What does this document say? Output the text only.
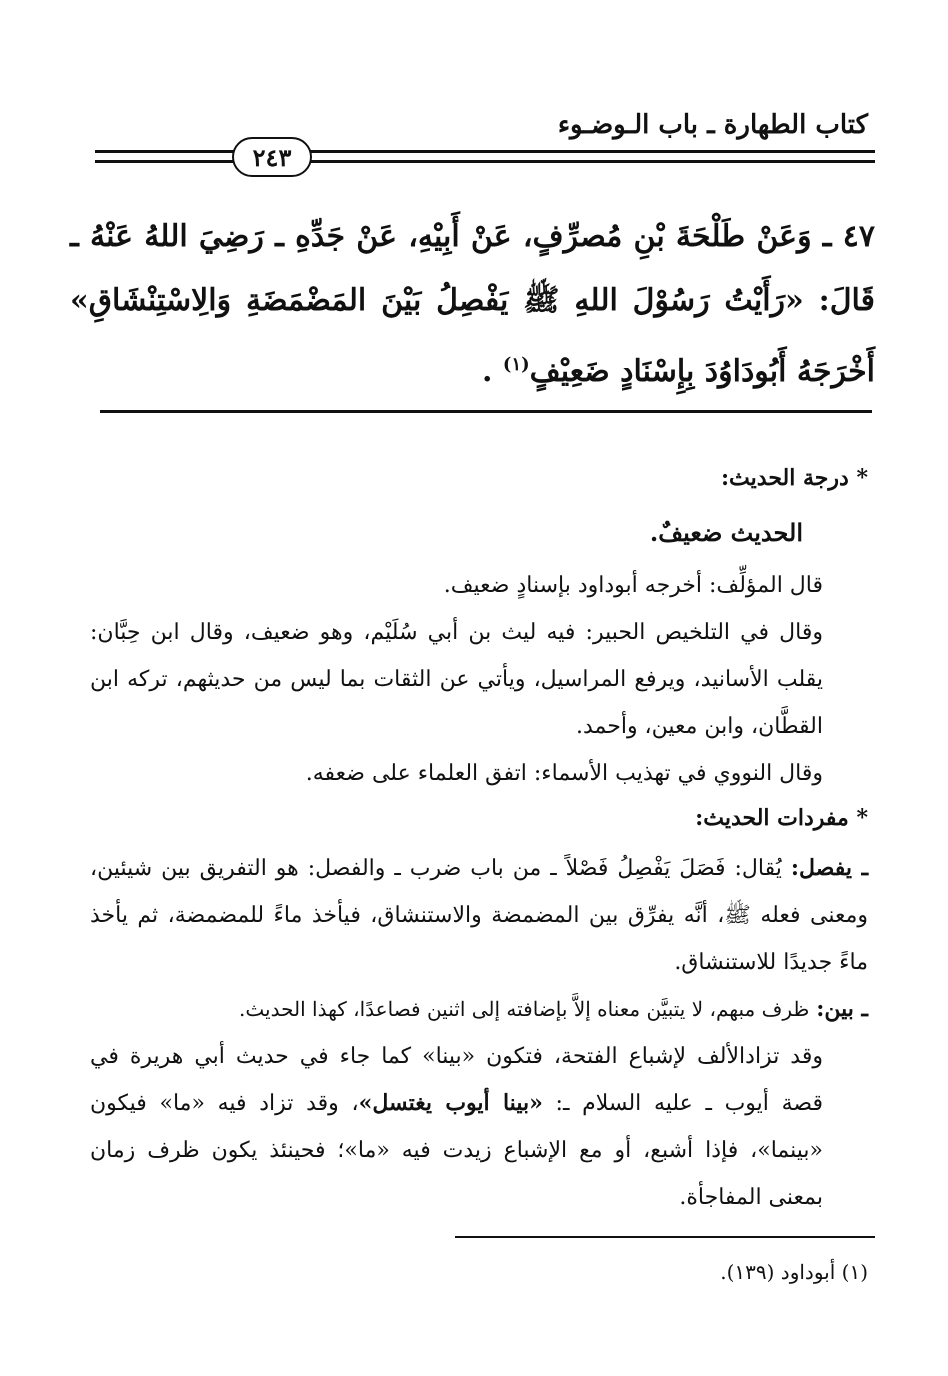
كتاب الطهارة ـ باب الـوضـوء
٢٤٣
٤٧ ـ وَعَنْ طَلْحَةَ بْنِ مُصرِّفٍ، عَنْ أَبِيْهِ، عَنْ جَدِّهِ ـ رَضِيَ اللهُ عَنْهُ ـ قَالَ: «رَأَيْتُ رَسُوْلَ اللهِ ﷺ يَفْصِلُ بَيْنَ المَضْمَضَةِ وَالِاسْتِنْشَاقِ» أَخْرَجَهُ أَبُودَاوُدَ بِإِسْنَادٍ ضَعِيْفٍ$^{(١)}$ .
* درجة الحديث:
الحديث ضعيفٌ.
قال المؤلِّف: أخرجه أبوداود بإسنادٍ ضعيف.
وقال في التلخيص الحبير: فيه ليث بن أبي سُلَيْم، وهو ضعيف، وقال ابن حِبَّان: يقلب الأسانيد، ويرفع المراسيل، ويأتي عن الثقات بما ليس من حديثهم، تركه ابن القطَّان، وابن معين، وأحمد.
وقال النووي في تهذيب الأسماء: اتفق العلماء على ضعفه.
* مفردات الحديث:
ـ يفصل: يُقال: فَصَلَ يَفْصِلُ فَصْلاً ـ من باب ضرب ـ والفصل: هو التفريق بين شيئين، ومعنى فعله ﷺ، أنَّه يفرِّق بين المضمضة والاستنشاق، فيأخذ ماءً للمضمضة، ثم يأخذ ماءً جديدًا للاستنشاق.
ـ بين: ظرف مبهم، لا يتبيَّن معناه إلاَّ بإضافته إلى اثنين فصاعدًا، كهذا الحديث.
وقد تزادالألف لإشباع الفتحة، فتكون «بينا» كما جاء في حديث أبي هريرة في قصة أيوب ـ عليه السلام ـ: «بينا أيوب يغتسل»، وقد تزاد فيه «ما» فيكون «بينما»، فإذا أشبع، أو مع الإشباع زيدت فيه «ما»؛ فحينئذ يكون ظرف زمان بمعنى المفاجأة.
(١) أبوداود (١٣٩).
